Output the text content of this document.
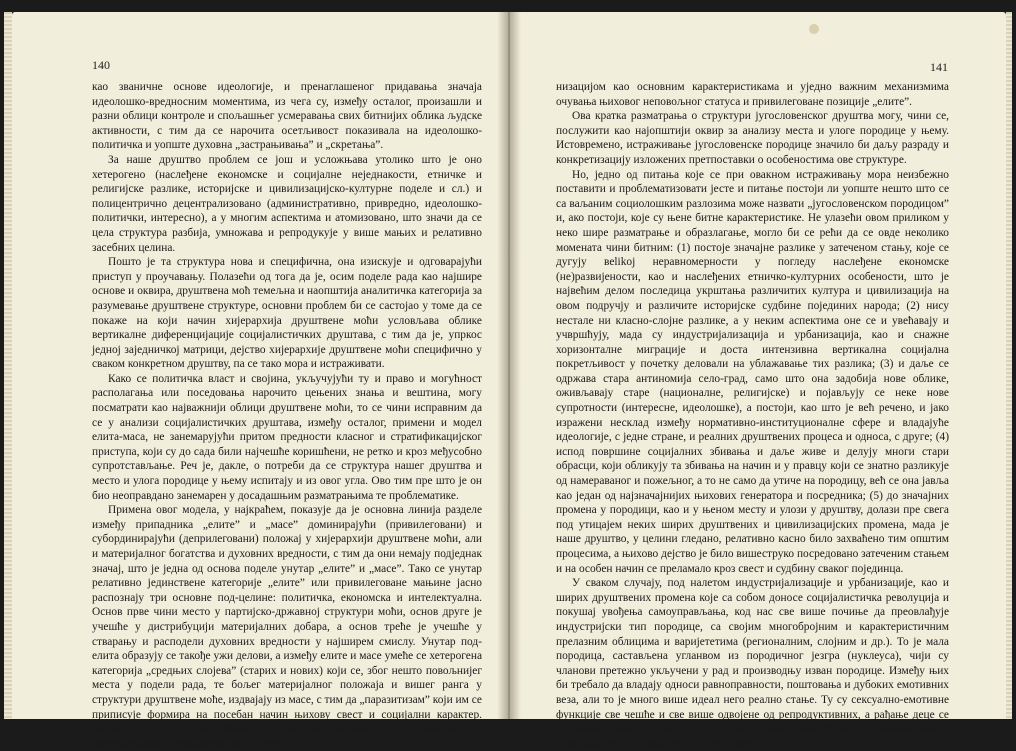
140

као званичне основе идеологије, и пренаглашеног придавања значаја идеолошко-вредносним моментима, из чега су, између осталог, произашли и разни облици контроле и спољашњег усмеравања свих битнијих облика људске активности, с тим да се нарочита осетљивост показивала на идеолошко-политичка и уопште духовна „застрањивања” и „скретања”.

За наше друштво проблем се још и усложњава утолико што је оно хетерогено (наслеђене економске и социјалне неједнакости, етничке и религијске разлике, историјске и цивилизацијско-културне поделе и сл.) и полицентрично децентрализовано (административно, привредно, идеолошко-политички, интересно), а у многим аспектима и атомизовано, што значи да се цела структура разбија, умножава и репродукује у више мањих и релативно засебних целина.

Пошто је та структура нова и специфична, она изискује и одговарајући приступ у проучавању. Полазећи од тога да је, осим поделе рада као најшире основе и оквира, друштвена моћ темељна и наопштија аналитичка категорија за разумевање друштвене структуре, основни проблем би се састојао у томе да се покаже на који начин хијерархија друштвене моћи условљава облике вертикалне диференцијације социјалистичких друштава, с тим да је, упркос једној заједничкој матрици, дејство хијерархије друштвене моћи специфично у сваком конкретном друштву, па се тако мора и истраживати.

Како се политичка власт и својина, укључујући ту и право и могућност располагања или поседовања нарочито цењених знања и вештина, могу посматрати као најважнији облици друштвене моћи, то се чини исправним да се у анализи социјалистичких друштава, између осталог, примени и модел елита-маса, не занемарујући притом предности класног и стратификацијског приступа, који су до сада били најчешће коришћени, не ретко и кроз међусобно супротстављање. Реч је, дакле, о потреби да се структура нашег друштва и место и улога породице у њему испитају и из овог угла. Ово тим пре што је он био неоправдано занемарен у досадашњим разматрањима те проблематике.

Примена овог модела, у најкраћем, показује да је основна линија разделе између припадника „елите” и „масе” доминирајући (привилеговани) и субординирајући (деприлеговани) положај у хијерархији друштвене моћи, али и материјалног богатства и духовних вредности, с тим да они немају подједнак значај, што је једна од основа поделе унутар „елите” и „масе”. Тако се унутар релативно јединствене категорије „елите” или привилеговане мањине јасно распознају три основне под-целине: политичка, економска и интелектуална. Основ прве чини место у партијско-државној структури моћи, основ друге је учешће у дистрибуцији материјалних добара, а основ треће је учешће у стварању и расподели духовних вредности у најширем смислу. Унутар под-елита образују се такође ужи делови, а између елите и масе умеће се хетерогена категорија „средњих слојева” (старих и нових) који се, због нешто повољнијег места у подели рада, те бољег материјалног положаја и вишег ранга у структури друштвене моће, издвајају из масе, с тим да „паразитизам” који им се приписује формира на посебан начин њихову свест и социјални карактер. Најзад, језгро деприлегованих слојева чине радништво и сељаштво, са маргиналношћу, атомизацијом и хетероге-

141

низацијом као основним карактеристикама и уједно важним механизмима очувања њиховог неповољног статуса и привилеговане позиције „елите”.

Ова кратка разматрања о структури југословенског друштва могу, чини се, послужити као најопштији оквир за анализу места и улоге породице у њему. Истовремено, истраживање југословенске породице значило би даљу разраду и конкретизацију изложених претпоставки о особеностима ове структуре.

Но, једно од питања које се при овакном истраживању мора неизбежно поставити и проблематизовати јесте и питање постоји ли уопште нешто што се са ваљаним социолошким разлозима може назвати „југословенском породицом” и, ако постоји, које су њене битне карактеристике. Не улазећи овом приликом у неко шире разматрање и образлагање, могло би се рећи да се овде неколико момената чини битним: (1) постоје значајне разлике у затеченом стању, које се дугују веlikoj неравномерности у погледу наслеђене економске (не)развијености, као и наслеђених етничко-културних особености, што је највећим делом последица укрштања различитих култура и цивилизација на овом подручју и различите историјске судбине појединих народа; (2) нису нестале ни класно-слојне разлике, а у неким аспектима оне се и увећавају и учвршћују, мада су индустријализација и урбанизација, као и снажне хоризонталне миграције и доста интензивна вертикална социјална покретљивост у почетку деловали на ублажавање тих разлика; (3) и даље се одржава стара антиномија село-град, само што она задобија нове облике, оживљавају старе (националне, религијске) и појављују се неке нове супротности (интересне, идеолошке), а постоји, као што је већ речено, и јако изражени несклад између нормативно-институционалне сфере и владајуће идеологије, с једне стране, и реалних друштвених процеса и односа, с друге; (4) испод површине социјалних збивања и даље живе и делују многи стари обрасци, који обликују та збивања на начин и у правцу који се знатно разликује од намераваног и пожељног, а то не само да утиче на породицу, већ се она јавља као један од најзначајнијих њихових генератора и посредника; (5) до значајних промена у породици, као и у њеном месту и улози у друштву, долази пре свега под утицајем неких ширих друштвених и цивилизацијских промена, мада је наше друштво, у целини гледано, релативно касно било захваћено тим општим процесима, а њихово дејство је било вишеструко посредовано затеченим стањем и на особен начин се преламало кроз свест и судбину сваког појединца.

У сваком случају, под налетом индустријализације и урбанизације, као и ширих друштвених промена које са собом доносе социјалистичка револуција и покушај увођења самоуправљања, код нас све више почиње да преовлађује индустријски тип породице, са својим многобројним и карактеристичним прелазним облицима и варијететима (регионалним, слојним и др.). То је мала породица, састављена угланвом из породичног језгра (нуклеуса), чији су чланови претежно укључени у рад и производњу изван породице. Између њих би требало да владају односи равноправности, поштовања и дубоких емотивних веза, али то је много више идеал него реално стање. Ту су сексуално-емотивне функције све чешће и све више одвојене од репродуктивних, а рађање деце се радикално смањује. Све постоји правна равноправност жена и њихова знатно већа запосленост изван куће и породице (с
